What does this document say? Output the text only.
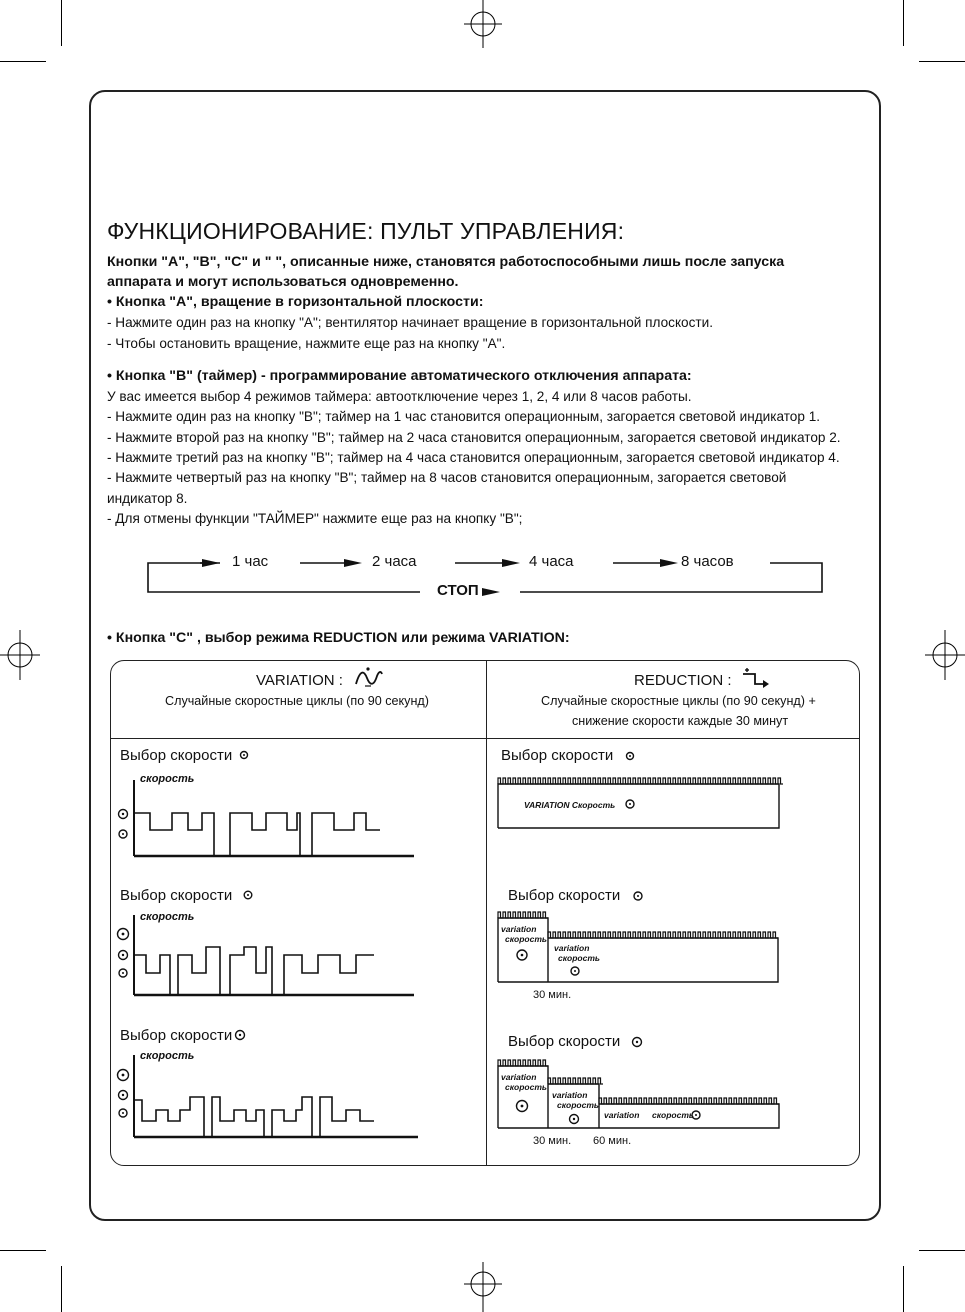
ФУНКЦИОНИРОВАНИЕ: ПУЛЬТ УПРАВЛЕНИЯ:
Кнопки "A", "B", "C" и " ", описанные ниже, становятся работоспособными лишь после запуска
аппарата и могут использоваться одновременно.
• Кнопка "A", вращение в горизонтальной плоскости:
- Нажмите один раз на кнопку "A"; вентилятор начинает вращение в горизонтальной плоскости.
- Чтобы остановить вращение, нажмите еще раз на кнопку "A".
• Кнопка "B" (таймер) - программирование автоматического отключения аппарата:
У вас имеется выбор 4 режимов таймера: автоотключение через 1, 2, 4 или 8 часов работы.
- Нажмите один раз на кнопку "B"; таймер на 1 час становится операционным, загорается световой индикатор 1.
- Нажмите второй раз на кнопку "B"; таймер на 2 часа становится операционным, загорается световой индикатор 2.
- Нажмите третий раз на кнопку "B"; таймер на 4 часа становится операционным, загорается световой индикатор 4.
- Нажмите четвертый раз на кнопку "B"; таймер на 8 часов становится операционным, загорается световой
индикатор 8.
- Для отмены функции "ТАЙМЕР" нажмите еще раз на кнопку "B";
1 час	2 часа	4 часа	8 часов
СТОП
• Кнопка "C" , выбор режима REDUCTION или режима VARIATION:
VARIATION :
Случайные скоростные циклы (по 90 секунд)
REDUCTION :
Случайные скоростные циклы (по 90 секунд) +
снижение скорости каждые 30 минут
Выбор скорости
скорость
Выбор скорости
скорость
Выбор скорости
скорость
Выбор скорости
VARIATION Скорость
Выбор скорости
variation
скорость
variation
скорость
30 мин.
Выбор скорости
variation
скорость
variation
скорость
variation скорость
30 мин. 60 мин.
